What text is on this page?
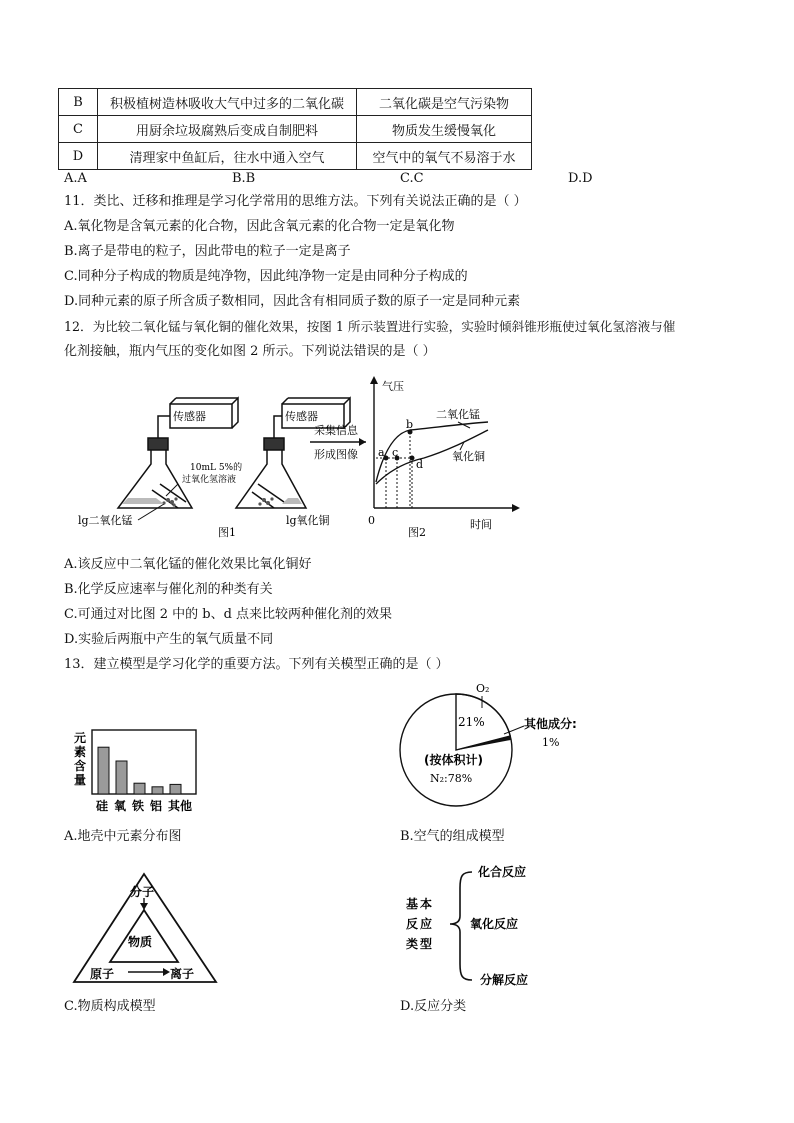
B	积极植树造林吸收大气中过多的二氧化碳	二氧化碳是空气污染物
C	用厨余垃圾腐熟后变成自制肥料	物质发生缓慢氧化
D	清理家中鱼缸后，往水中通入空气	空气中的氧气不易溶于水
A.A	B.B	C.C	D.D
11．类比、迁移和推理是学习化学常用的思维方法。下列有关说法正确的是（ ）
A.氧化物是含氧元素的化合物，因此含氧元素的化合物一定是氧化物
B.离子是带电的粒子，因此带电的粒子一定是离子
C.同种分子构成的物质是纯净物，因此纯净物一定是由同种分子构成的
D.同种元素的原子所含质子数相同，因此含有相同质子数的原子一定是同种元素
12．为比较二氧化锰与氧化铜的催化效果，按图 1 所示装置进行实验，实验时倾斜锥形瓶使过氧化氢溶液与催
化剂接触，瓶内气压的变化如图 2 所示。下列说法错误的是（ ）
传感器	传感器
10mL 5%的
过氧化氢溶液
lg二氧化锰	lg氧化铜
图1
采集信息
形成图像
气压
时间
0
a
b
c
d
二氧化锰
氧化铜
图2
A.该反应中二氧化锰的催化效果比氧化铜好
B.化学反应速率与催化剂的种类有关
C.可通过对比图 2 中的 b、d 点来比较两种催化剂的效果
D.实验后两瓶中产生的氧气质量不同
13．建立模型是学习化学的重要方法。下列有关模型正确的是（ ）
元
素
含
量
硅 氧 铁 铝 其他
A.地壳中元素分布图
O₂
21%	其他成分:
1%
(按体积计)
N₂:78%
B.空气的组成模型
分子
物质
原子	离子
C.物质构成模型
基 本
反 应
类 型
化合反应
氧化反应
分解反应
D.反应分类
